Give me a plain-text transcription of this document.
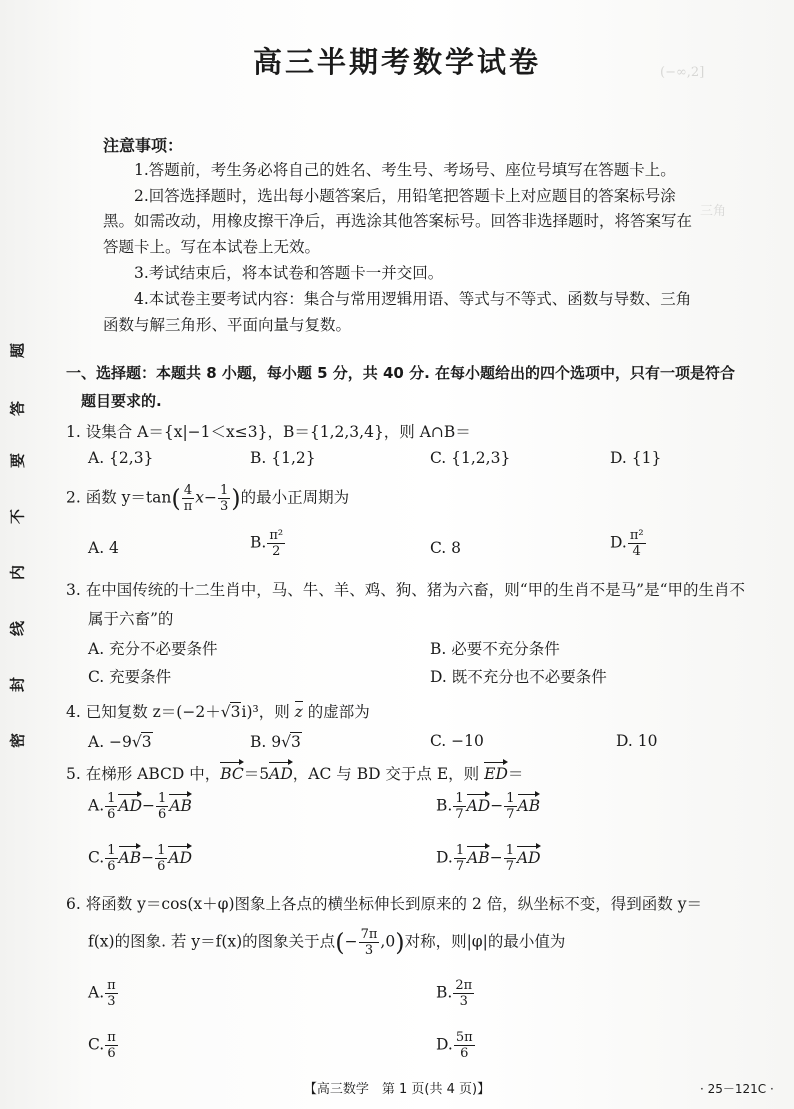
(−∞,2]
三角
题
答
要
不
内
线
封
密
高三半期考数学试卷
注意事项：
1.答题前，考生务必将自己的姓名、考生号、考场号、座位号填写在答题卡上。
2.回答选择题时，选出每小题答案后，用铅笔把答题卡上对应题目的答案标号涂
黑。如需改动，用橡皮擦干净后，再选涂其他答案标号。回答非选择题时，将答案写在
答题卡上。写在本试卷上无效。
3.考试结束后，将本试卷和答题卡一并交回。
4.本试卷主要考试内容：集合与常用逻辑用语、等式与不等式、函数与导数、三角
函数与解三角形、平面向量与复数。
一、选择题：本题共 8 小题，每小题 5 分，共 40 分. 在每小题给出的四个选项中，只有一项是符合
题目要求的.
1. 设集合 A＝{x|−1＜x≤3}，B＝{1,2,3,4}，则 A∩B＝
A. {2,3}	B. {1,2}	C. {1,2,3}	D. {1}
2. 函数 $y=\tan( \frac{4}{\pi} x- \frac{1}{3}$ )的最小正周期为
A. 4	B. $\frac{\text{π²}}{2}$	C. 8	D. $\frac{\text{π²}}{4}$
3. 在中国传统的十二生肖中，马、牛、羊、鸡、狗、猪为六畜，则“甲的生肖不是马”是“甲的生肖不
属于六畜”的
A. 充分不必要条件	B. 必要不充分条件
C. 充要条件	D. 既不充分也不必要条件
4. 已知复数 z＝(−2＋√3i)³，则 z 的虚部为
A. −9√3	B. 9√3	C. −10	D. 10
5. 在梯形 ABCD 中，BC＝5AD，AC 与 BD 交于点 E，则 ED＝
A. $\frac{1}{6} AD- \frac{1}{6}$ AB	B. $\frac{1}{7} AD- \frac{1}{7}$ AB
C. $\frac{1}{6} AB- \frac{1}{6}$ AD	D. $\frac{1}{7} AB- \frac{1}{7}$ AD
6. 将函数 y＝cos(x＋φ)图象上各点的横坐标伸长到原来的 2 倍，纵坐标不变，得到函数 y＝
f(x)的图象. 若 y＝f(x)的图象关于点(− $\frac{7\pi}{3} ,0$)对称，则|φ|的最小值为
A. $\frac{\pi}{3}$	B. $\frac{2\pi}{3}$
C. $\frac{\pi}{6}$	D. $\frac{5\pi}{6}$
【高三数学　第 1 页(共 4 页)】	· 25－121C ·
